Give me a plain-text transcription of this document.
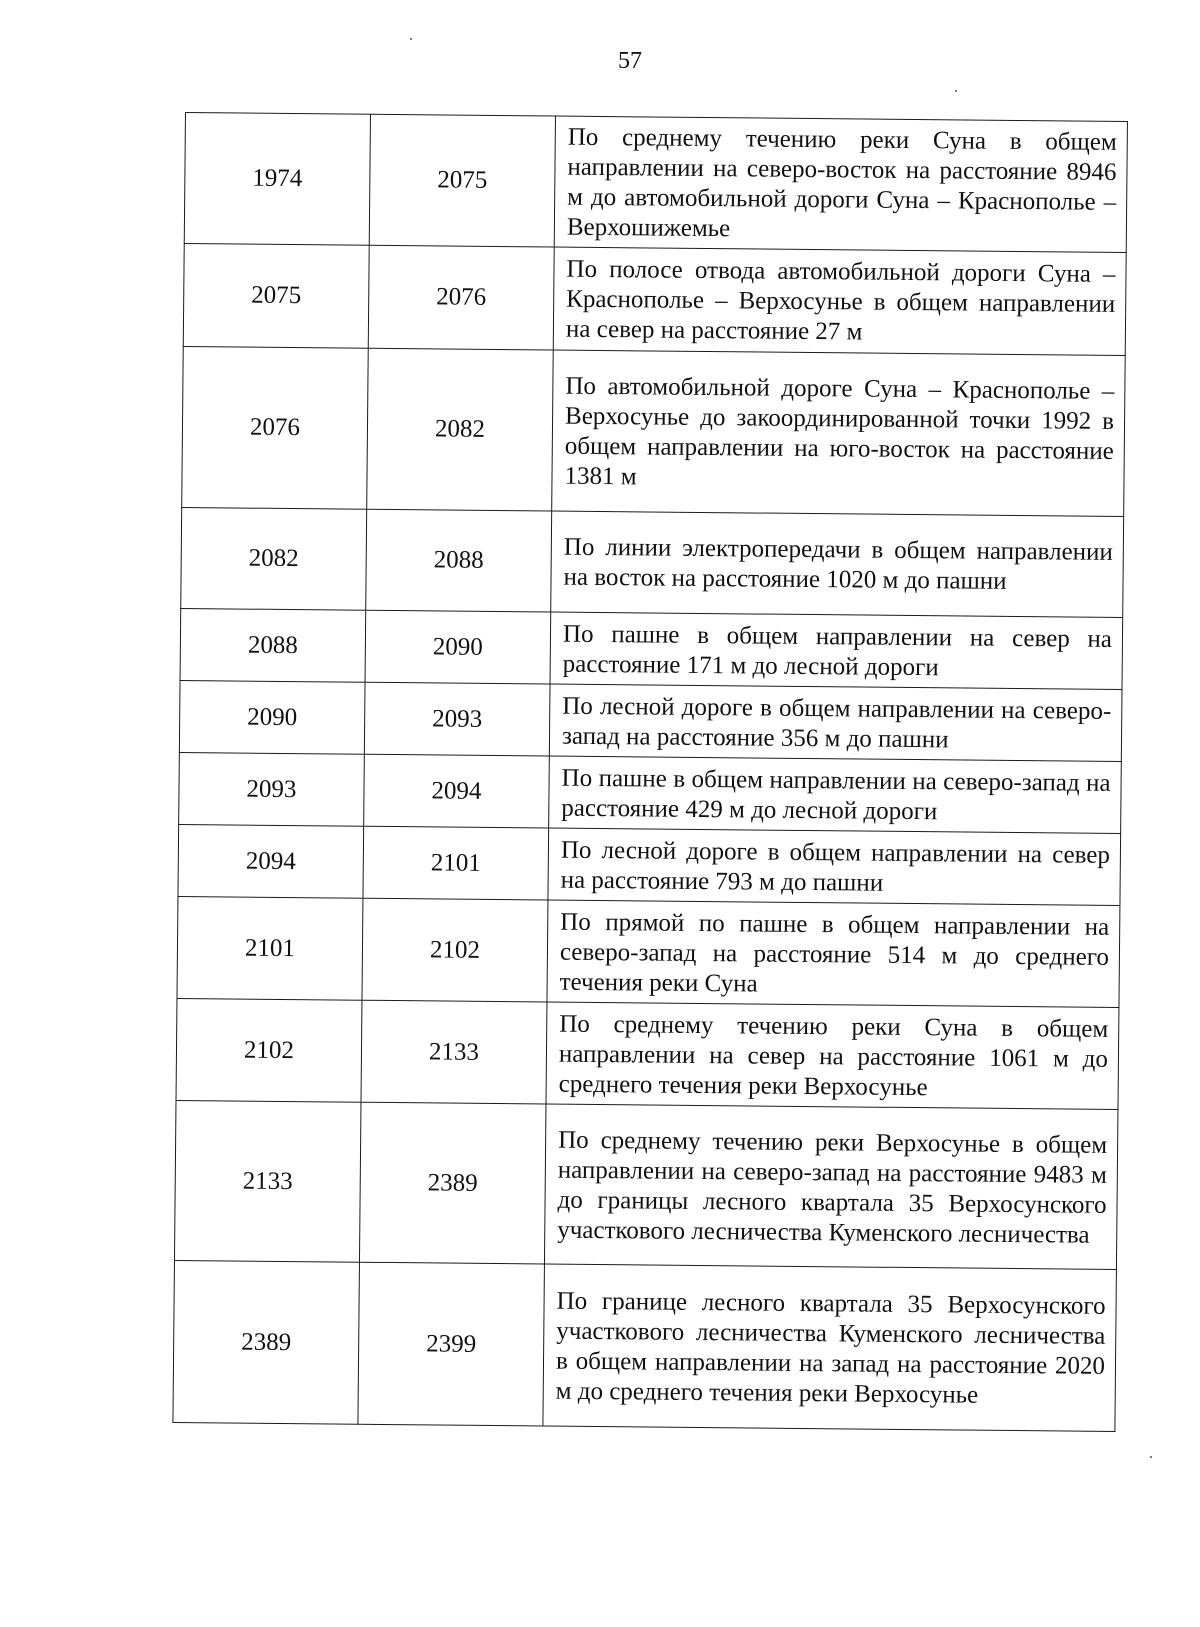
57
1974	2075	По среднему течению реки Суна в общем направлении на северо-восток на расстояние 8946 м до автомобильной дороги Суна – Краснополье – Верхошижемье
2075	2076	По полосе отвода автомобильной дороги Суна – Краснополье – Верхосунье в общем направлении на север на расстояние 27 м
2076	2082	По автомобильной дороге Суна – Краснополье – Верхосунье до закоординированной точки 1992 в общем направлении на юго-восток на расстояние 1381 м
2082	2088	По линии электропередачи в общем направлении на восток на расстояние 1020 м до пашни
2088	2090	По пашне в общем направлении на север на расстояние 171 м до лесной дороги
2090	2093	По лесной дороге в общем направлении на северо-запад на расстояние 356 м до пашни
2093	2094	По пашне в общем направлении на северо-запад на расстояние 429 м до лесной дороги
2094	2101	По лесной дороге в общем направлении на север на расстояние 793 м до пашни
2101	2102	По прямой по пашне в общем направлении на северо-запад на расстояние 514 м до среднего течения реки Суна
2102	2133	По среднему течению реки Суна в общем направлении на север на расстояние 1061 м до среднего течения реки Верхосунье
2133	2389	По среднему течению реки Верхосунье в общем направлении на северо-запад на расстояние 9483 м до границы лесного квартала 35 Верхосунского участкового лесничества Куменского лесничества
2389	2399	По границе лесного квартала 35 Верхосунского участкового лесничества Куменского лесничества в общем направлении на запад на расстояние 2020 м до среднего течения реки Верхосунье
